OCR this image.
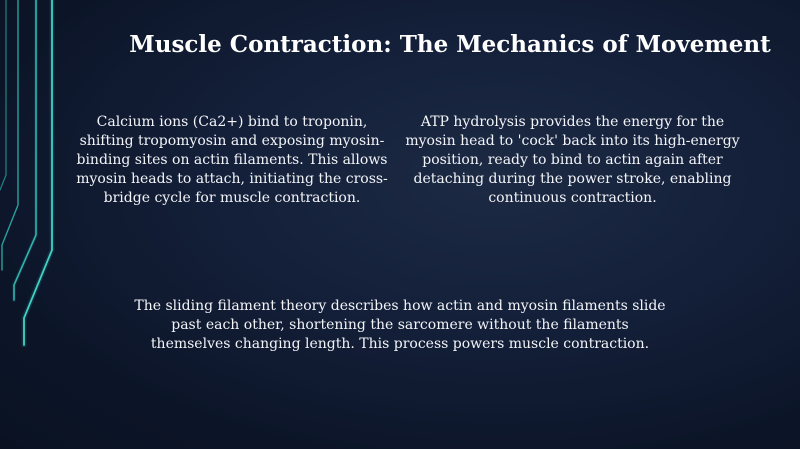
Muscle Contraction: The Mechanics of Movement

Calcium ions (Ca2+) bind to troponin, shifting tropomyosin and exposing myosin-binding sites on actin filaments. This allows myosin heads to attach, initiating the cross-bridge cycle for muscle contraction.

ATP hydrolysis provides the energy for the myosin head to 'cock' back into its high-energy position, ready to bind to actin again after detaching during the power stroke, enabling continuous contraction.

The sliding filament theory describes how actin and myosin filaments slide past each other, shortening the sarcomere without the filaments themselves changing length. This process powers muscle contraction.
